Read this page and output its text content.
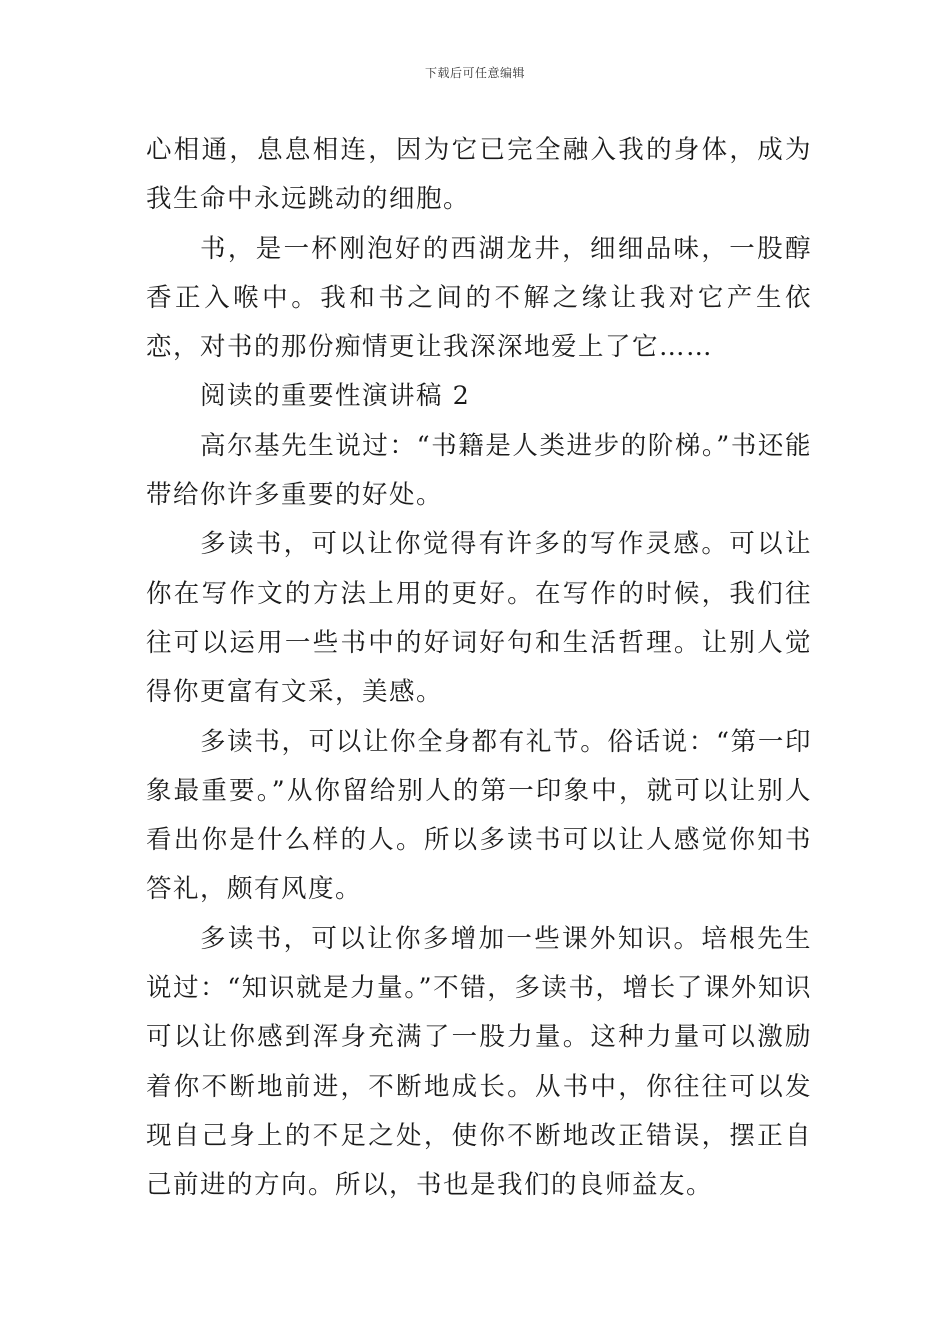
下载后可任意编辑

心相通，息息相连，因为它已完全融入我的身体，成为我生命中永远跳动的细胞。

书，是一杯刚泡好的西湖龙井，细细品味，一股醇香正入喉中。我和书之间的不解之缘让我对它产生依恋，对书的那份痴情更让我深深地爱上了它……

阅读的重要性演讲稿 2

高尔基先生说过：“书籍是人类进步的阶梯。”书还能带给你许多重要的好处。

多读书，可以让你觉得有许多的写作灵感。可以让你在写作文的方法上用的更好。在写作的时候，我们往往可以运用一些书中的好词好句和生活哲理。让别人觉得你更富有文采，美感。

多读书，可以让你全身都有礼节。俗话说：“第一印象最重要。”从你留给别人的第一印象中，就可以让别人看出你是什么样的人。所以多读书可以让人感觉你知书答礼，颇有风度。

多读书，可以让你多增加一些课外知识。培根先生说过：“知识就是力量。”不错，多读书，增长了课外知识可以让你感到浑身充满了一股力量。这种力量可以激励着你不断地前进，不断地成长。从书中，你往往可以发现自己身上的不足之处，使你不断地改正错误，摆正自己前进的方向。所以，书也是我们的良师益友。
